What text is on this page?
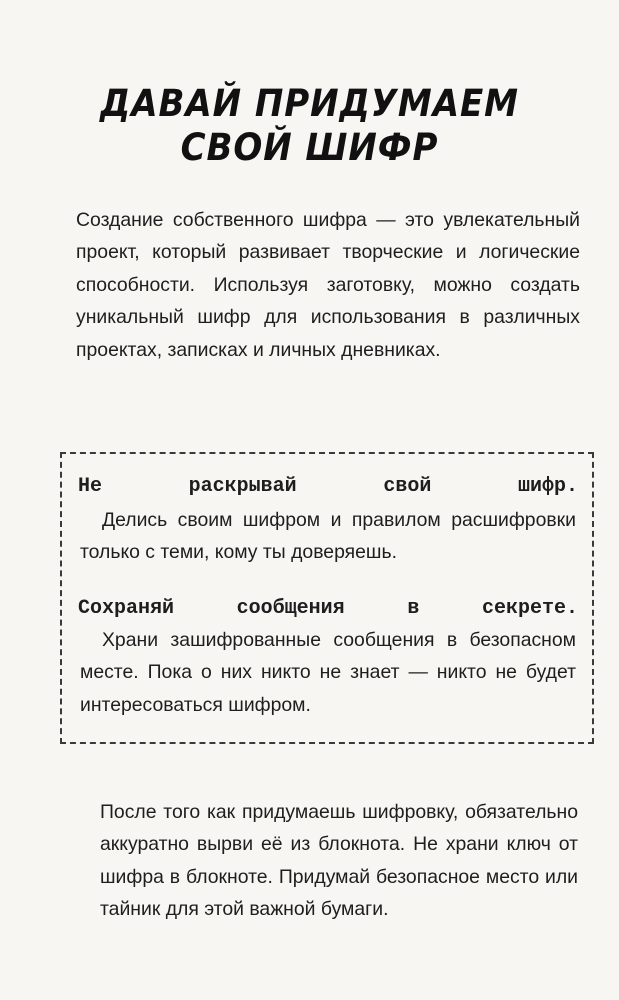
ДАВАЙ ПРИДУМАЕМ
СВОЙ ШИФР

Создание собственного шифра — это увлекательный проект, который развивает творческие и логические способности. Используя заготовку, можно создать уникальный шифр для использования в различных проектах, записках и личных дневниках.

Не раскрывай свой шифр.
Делись своим шифром и правилом расшифровки только с теми, кому ты доверяешь.
Сохраняй сообщения в секрете.
Храни зашифрованные сообщения в безопасном месте. Пока о них никто не знает — никто не будет интересоваться шифром.

После того как придумаешь шифровку, обязательно аккуратно вырви её из блокнота. Не храни ключ от шифра в блокноте. Придумай безопасное место или тайник для этой важной бумаги.
